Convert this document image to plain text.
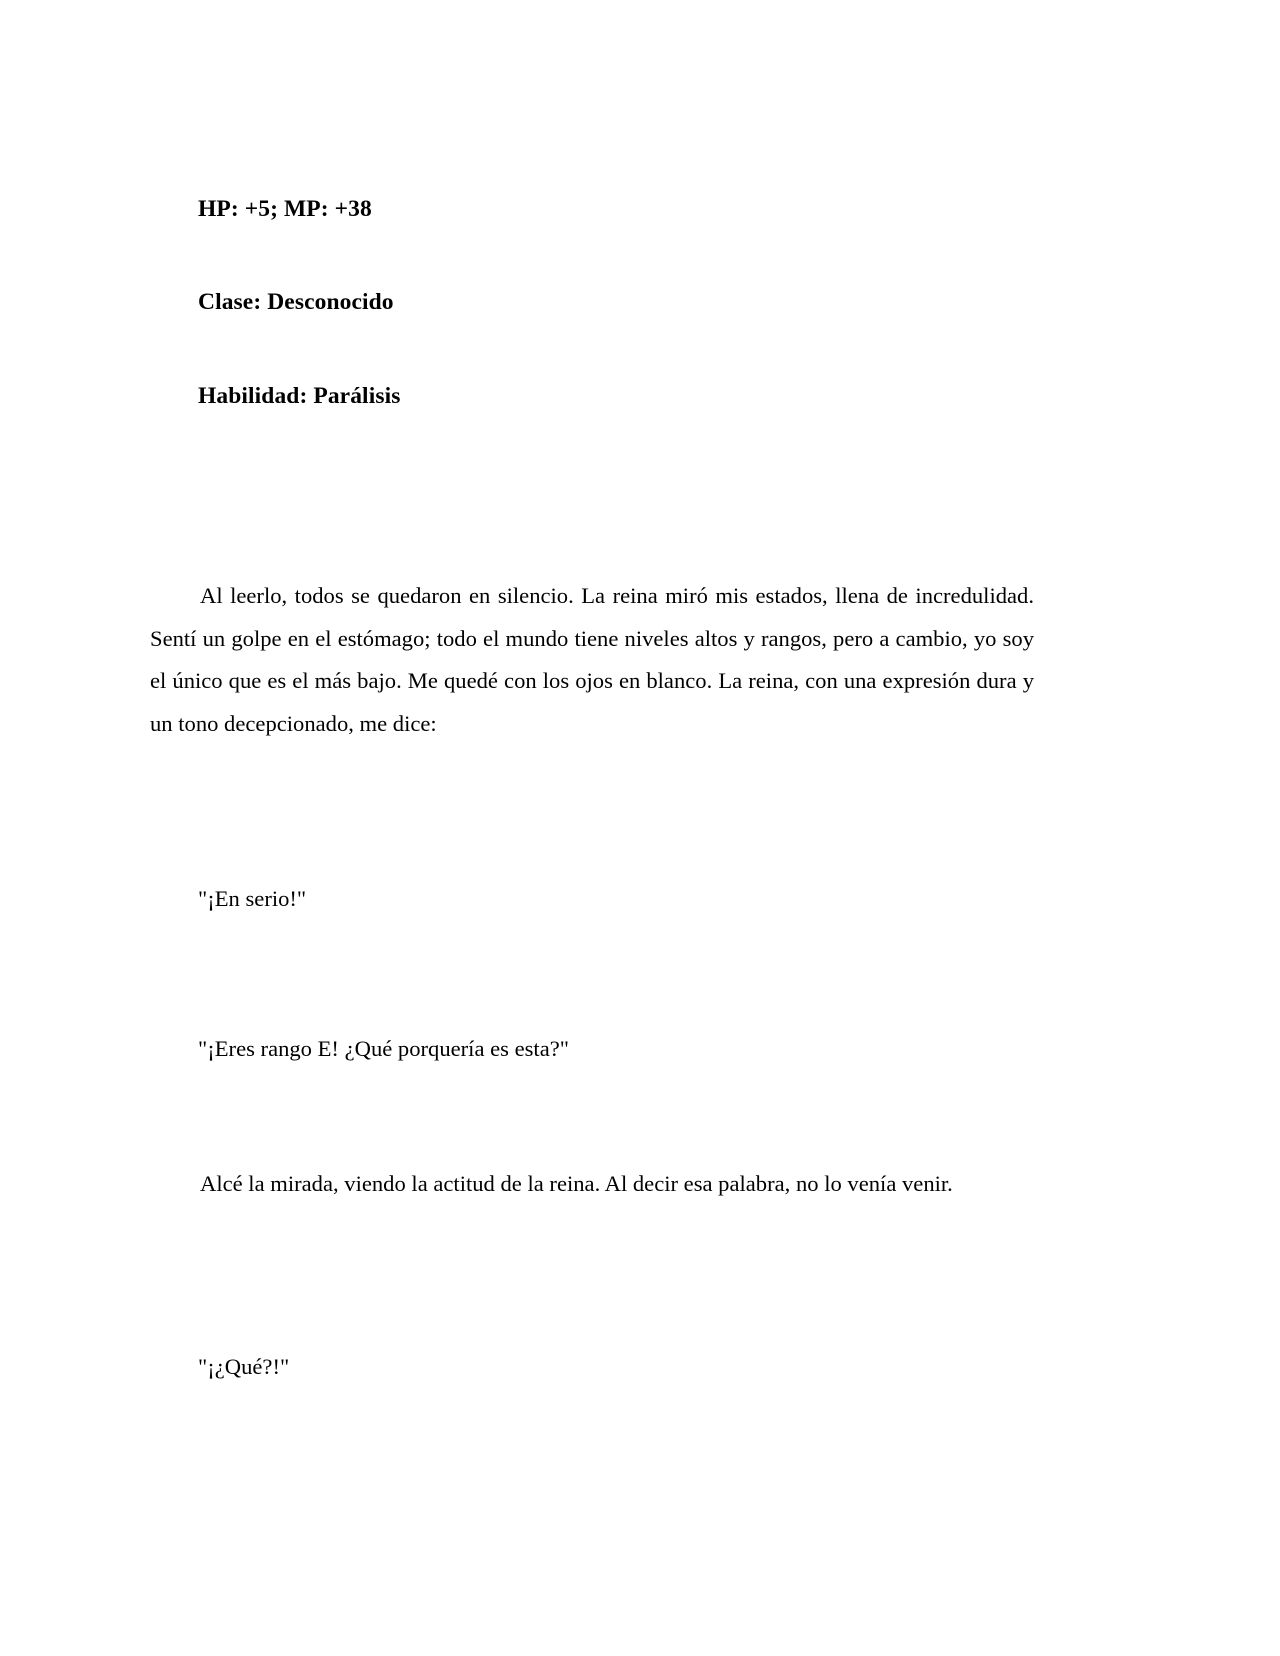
HP: +5; MP: +38

Clase: Desconocido

Habilidad: Parálisis

Al leerlo, todos se quedaron en silencio. La reina miró mis estados, llena de incredulidad. Sentí un golpe en el estómago; todo el mundo tiene niveles altos y rangos, pero a cambio, yo soy el único que es el más bajo. Me quedé con los ojos en blanco. La reina, con una expresión dura y un tono decepcionado, me dice:

"¡En serio!"

"¡Eres rango E! ¿Qué porquería es esta?"

Alcé la mirada, viendo la actitud de la reina. Al decir esa palabra, no lo venía venir.

"¡¿Qué?!"
